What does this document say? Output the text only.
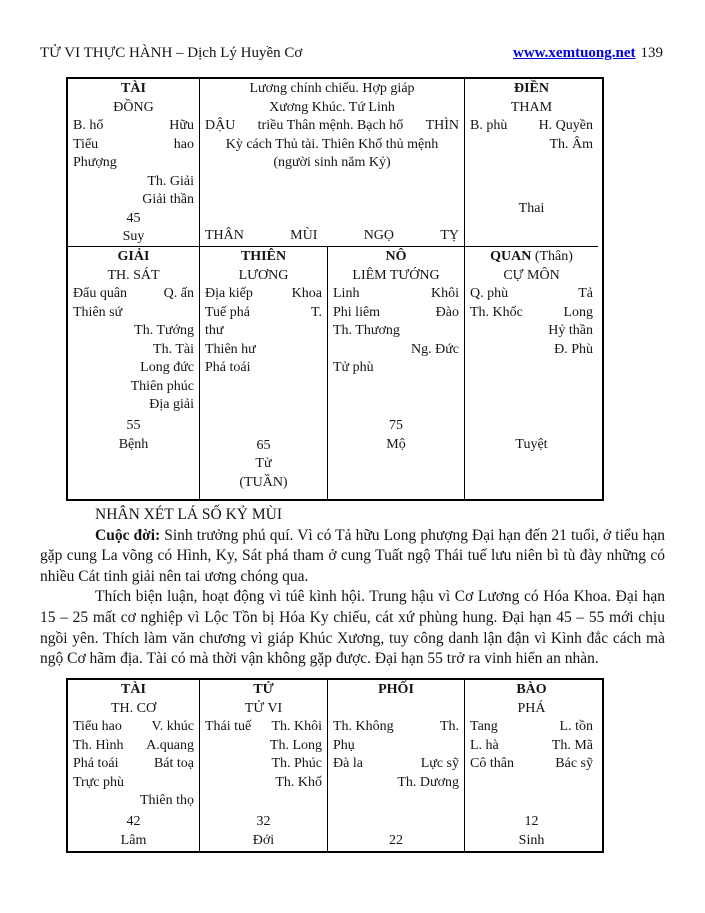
TỬ VI THỰC HÀNH – Dịch Lý Huyền Cơ	www.xemtuong.net 139
TÀI
ĐỒNG
B. hổ	Hữu
Tiểu	hao
Phượng
Th. Giải
Giải thần
45
Suy
Lương chính chiếu. Hợp giáp
Xương Khúc. Tứ Linh
DẬU	triều Thân mệnh. Bạch hổ	THÌN
Kỳ cách Thủ tài. Thiên Khố thủ mệnh
(người sinh năm Kỷ)
THÂN	MÙI	NGỌ	TỴ
ĐIỀN
THAM
B. phù H. Quyền
Th. Âm
Thai
GIẢI
TH. SÁT
Đẩu quân	Q. ấn
Thiên sứ
Th. Tướng
Th. Tài
Long đức
Thiên phúc
Địa giải
55
Bệnh
THIÊN
LƯƠNG
Địa kiếp	Khoa
Tuế phá	T.
thư
Thiên hư
Phá toái
65
Tử
(TUẦN)
NÔ
LIÊM TƯỚNG
Linh	Khôi
Phi liêm	Đào
Th. Thương
Ng. Đức
Tử phù
75
Mộ
QUAN (Thân)
CỰ MÔN
Q. phù	Tả
Th. Khốc	Long
Hỷ thần
Đ. Phù
Tuyệt
NHÂN XÉT LÁ SỐ KỶ MÙI

Cuộc đời: Sinh trưởng phú quí. Vì có Tả hữu Long phượng Đại hạn đến 21 tuổi, ở tiểu hạn gặp cung La võng có Hình, Ky, Sát phá tham ở cung Tuất ngộ Thái tuế lưu niên bì tù đày những có nhiều Cát tinh giải nên tai ương chóng qua.

Thích biện luận, hoạt động vì túê kình hội. Trung hậu vì Cơ Lương có Hóa Khoa. Đại hạn 15 – 25 mất cơ nghiệp vì Lộc Tồn bị Hóa Ky chiếu, cát xứ phùng hung. Đại hạn 45 – 55 mới chịu ngồi yên. Thích làm văn chương vì giáp Khúc Xương, tuy công danh lận đận vì Kình đắc cách mà ngộ Cơ hãm địa. Tài có mà thời vận không gặp được. Đại hạn 55 trở ra vinh hiển an nhàn.

TÀI
TH. CƠ
Tiểu hao V. khúc
Th. Hình A.quang
Phá toái	Bát toạ
Trực phù
Thiên thọ
42
Lâm
TỬ
TỬ VI
Thái tuế Th. Khôi
Th. Long
Th. Phúc
Th. Khố
32
Đới
PHỐI
Th. Không	Th.
Phụ
Đà la	Lực sỹ
Th. Dương
22
BÀO
PHÁ
Tang	L. tồn
L. hà	Th. Mã
Cô thân	Bác sỹ
12
Sinh
